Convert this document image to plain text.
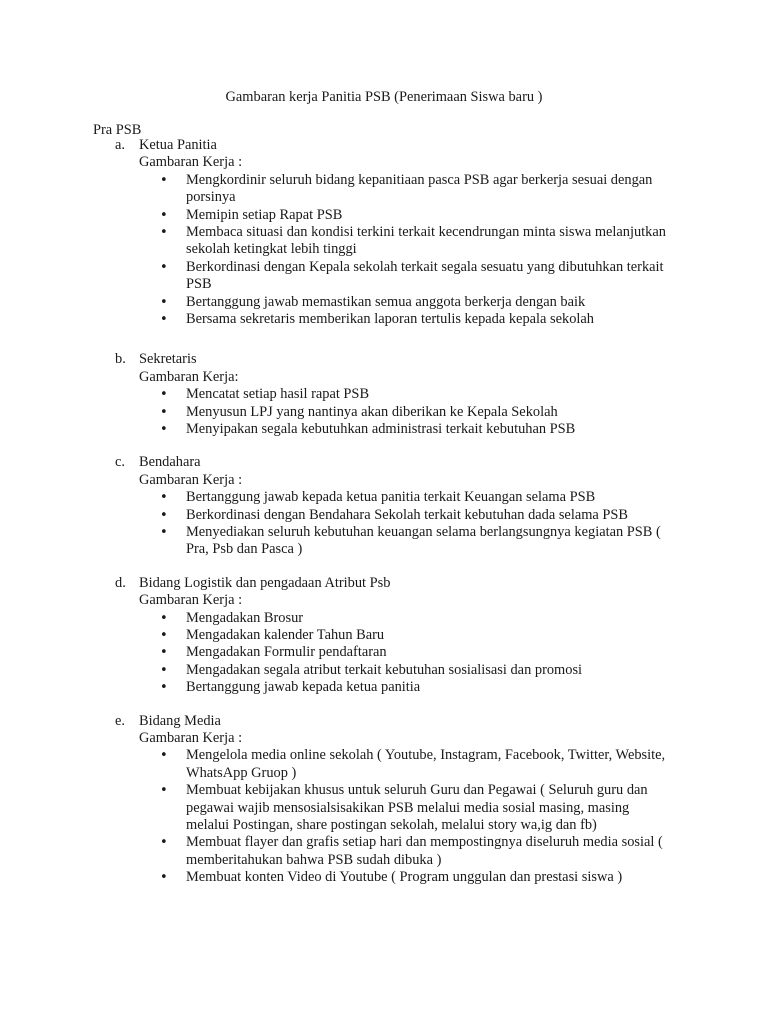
Gambaran kerja Panitia PSB (Penerimaan Siswa baru )
Pra PSB
a. Ketua Panitia
Gambaran Kerja :
• Mengkordinir seluruh bidang kepanitiaan pasca PSB agar berkerja sesuai dengan porsinya
• Memipin setiap Rapat PSB
• Membaca situasi dan kondisi terkini terkait kecendrungan minta siswa melanjutkan sekolah ketingkat lebih tinggi
• Berkordinasi dengan Kepala sekolah terkait segala sesuatu yang dibutuhkan terkait PSB
• Bertanggung jawab memastikan semua anggota berkerja dengan baik
• Bersama sekretaris memberikan laporan tertulis kepada kepala sekolah
b. Sekretaris
Gambaran Kerja:
• Mencatat setiap hasil rapat PSB
• Menyusun LPJ yang nantinya akan diberikan ke Kepala Sekolah
• Menyipakan segala kebutuhkan administrasi terkait kebutuhan PSB
c. Bendahara
Gambaran Kerja :
• Bertanggung jawab kepada ketua panitia terkait Keuangan selama PSB
• Berkordinasi dengan Bendahara Sekolah terkait kebutuhan dada selama PSB
• Menyediakan seluruh kebutuhan keuangan selama berlangsungnya kegiatan PSB ( Pra, Psb dan Pasca )
d. Bidang Logistik dan pengadaan Atribut Psb
Gambaran Kerja :
• Mengadakan Brosur
• Mengadakan kalender Tahun Baru
• Mengadakan Formulir pendaftaran
• Mengadakan segala atribut terkait kebutuhan sosialisasi dan promosi
• Bertanggung jawab kepada ketua panitia
e. Bidang Media
Gambaran Kerja :
• Mengelola media online sekolah ( Youtube, Instagram, Facebook, Twitter, Website, WhatsApp Gruop )
• Membuat kebijakan khusus untuk seluruh Guru dan Pegawai ( Seluruh guru dan pegawai wajib mensosialsisakikan PSB melalui media sosial masing, masing melalui Postingan, share postingan sekolah, melalui story wa,ig dan fb)
• Membuat flayer dan grafis setiap hari dan mempostingnya diseluruh media sosial ( memberitahukan bahwa PSB sudah dibuka )
• Membuat konten Video di Youtube ( Program unggulan dan prestasi siswa )
